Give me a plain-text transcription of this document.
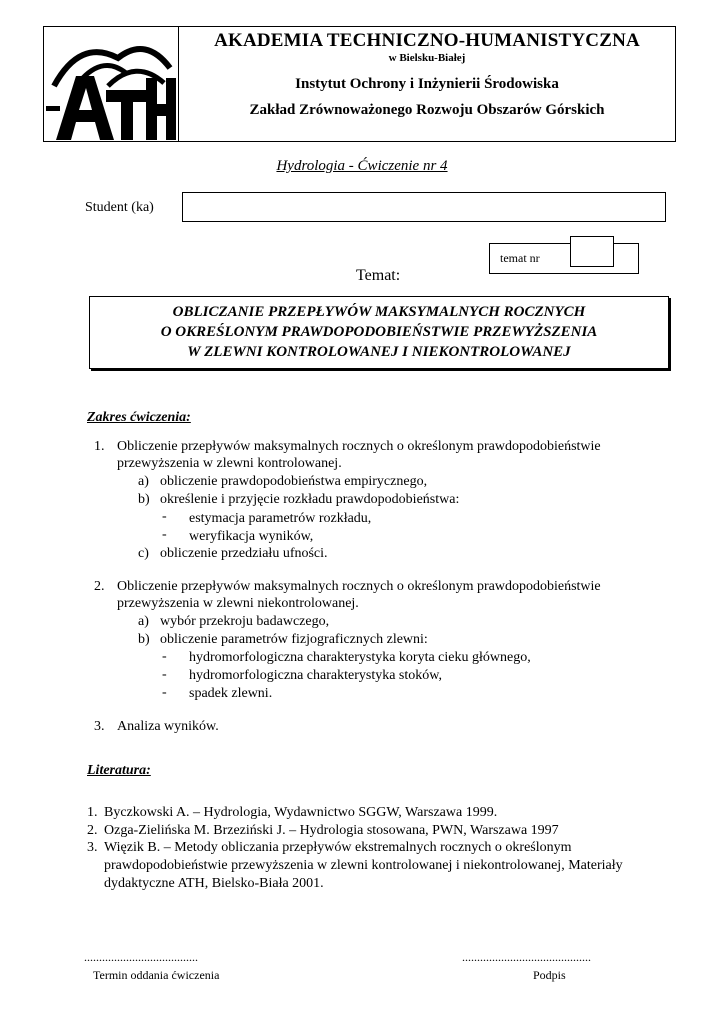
AKADEMIA TECHNICZNO-HUMANISTYCZNA
w Bielsku-Białej
Instytut Ochrony i Inżynierii Środowiska
Zakład Zrównoważonego Rozwoju Obszarów Górskich
Hydrologia - Ćwiczenie nr 4
Student (ka)
temat nr
Temat:
OBLICZANIE PRZEPŁYWÓW MAKSYMALNYCH ROCZNYCH
O OKREŚLONYM PRAWDOPODOBIEŃSTWIE PRZEWYŻSZENIA
W ZLEWNI KONTROLOWANEJ I NIEKONTROLOWANEJ
Zakres ćwiczenia:
1. Obliczenie przepływów maksymalnych rocznych o określonym prawdopodobieństwie
przewyższenia w zlewni kontrolowanej.
a) obliczenie prawdopodobieństwa empirycznego,
b) określenie i przyjęcie rozkładu prawdopodobieństwa:
- estymacja parametrów rozkładu,
- weryfikacja wyników,
c) obliczenie przedziału ufności.
2. Obliczenie przepływów maksymalnych rocznych o określonym prawdopodobieństwie
przewyższenia w zlewni niekontrolowanej.
a) wybór przekroju badawczego,
b) obliczenie parametrów fizjograficznych zlewni:
- hydromorfologiczna charakterystyka koryta cieku głównego,
- hydromorfologiczna charakterystyka stoków,
- spadek zlewni.
3. Analiza wyników.
Literatura:
1. Byczkowski A. – Hydrologia, Wydawnictwo SGGW, Warszawa 1999.
2. Ozga-Zielińska M. Brzeziński J. – Hydrologia stosowana, PWN, Warszawa 1997
3. Więzik B. – Metody obliczania przepływów ekstremalnych rocznych o określonym
prawdopodobieństwie przewyższenia w zlewni kontrolowanej i niekontrolowanej, Materiały
dydaktyczne ATH, Bielsko-Biała 2001.
......................................
Termin oddania ćwiczenia
...........................................
Podpis
